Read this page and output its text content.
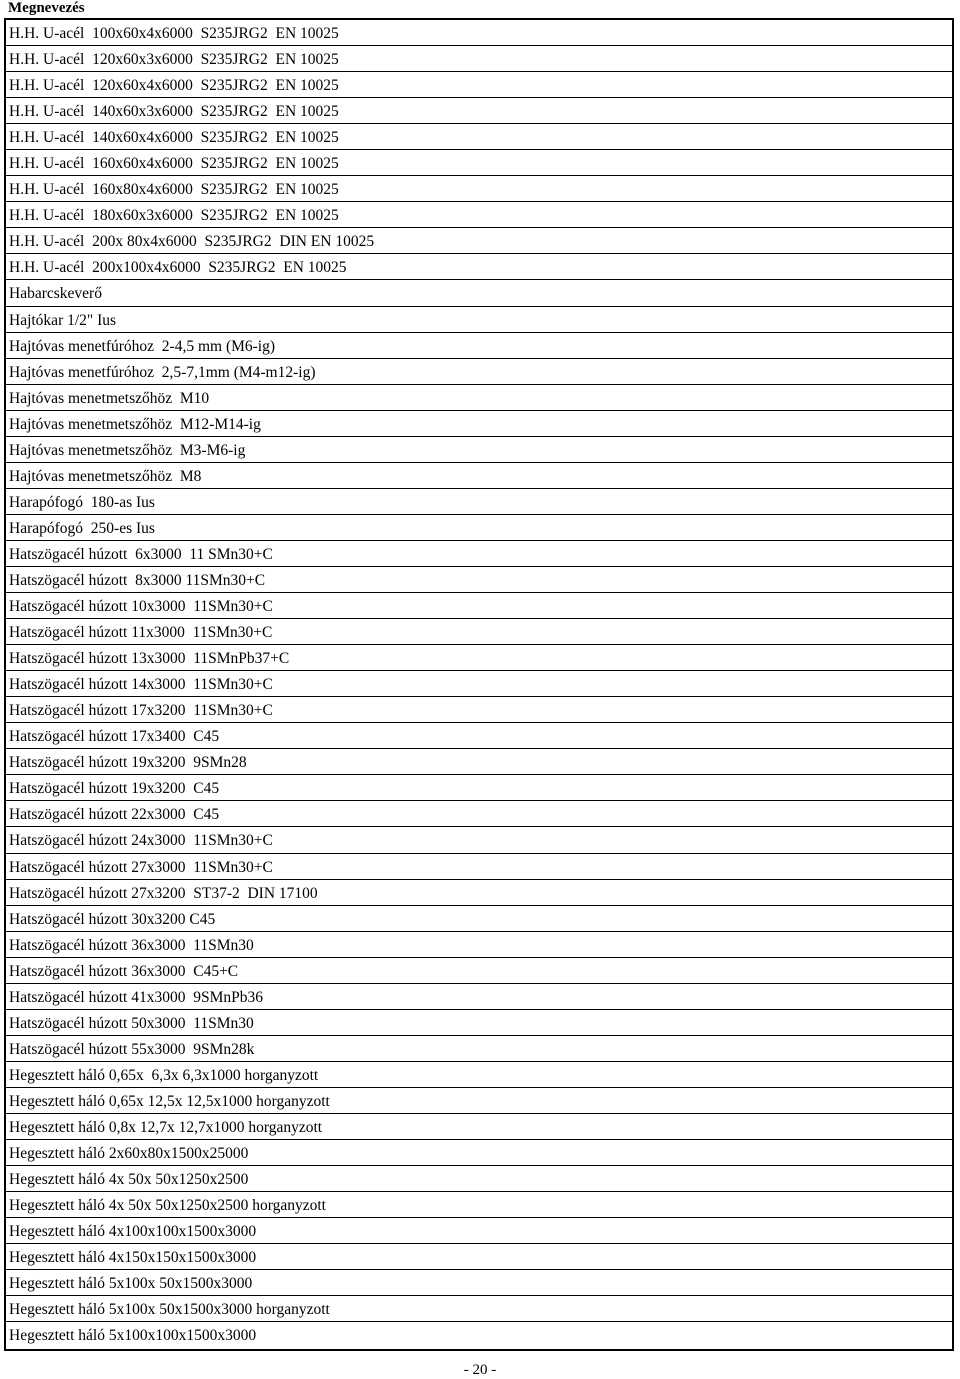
Megnevezés
H.H. U-acél  100x60x4x6000  S235JRG2  EN 10025
H.H. U-acél  120x60x3x6000  S235JRG2  EN 10025
H.H. U-acél  120x60x4x6000  S235JRG2  EN 10025
H.H. U-acél  140x60x3x6000  S235JRG2  EN 10025
H.H. U-acél  140x60x4x6000  S235JRG2  EN 10025
H.H. U-acél  160x60x4x6000  S235JRG2  EN 10025
H.H. U-acél  160x80x4x6000  S235JRG2  EN 10025
H.H. U-acél  180x60x3x6000  S235JRG2  EN 10025
H.H. U-acél  200x 80x4x6000  S235JRG2  DIN EN 10025
H.H. U-acél  200x100x4x6000  S235JRG2  EN 10025
Habarcskeverő
Hajtókar 1/2" Ius
Hajtóvas menetfúróhoz  2-4,5 mm (M6-ig)
Hajtóvas menetfúróhoz  2,5-7,1mm (M4-m12-ig)
Hajtóvas menetmetszőhöz  M10
Hajtóvas menetmetszőhöz  M12-M14-ig
Hajtóvas menetmetszőhöz  M3-M6-ig
Hajtóvas menetmetszőhöz  M8
Harapófogó  180-as Ius
Harapófogó  250-es Ius
Hatszögacél húzott  6x3000  11 SMn30+C
Hatszögacél húzott  8x3000 11SMn30+C
Hatszögacél húzott 10x3000  11SMn30+C
Hatszögacél húzott 11x3000  11SMn30+C
Hatszögacél húzott 13x3000  11SMnPb37+C
Hatszögacél húzott 14x3000  11SMn30+C
Hatszögacél húzott 17x3200  11SMn30+C
Hatszögacél húzott 17x3400  C45
Hatszögacél húzott 19x3200  9SMn28
Hatszögacél húzott 19x3200  C45
Hatszögacél húzott 22x3000  C45
Hatszögacél húzott 24x3000  11SMn30+C
Hatszögacél húzott 27x3000  11SMn30+C
Hatszögacél húzott 27x3200  ST37-2  DIN 17100
Hatszögacél húzott 30x3200 C45
Hatszögacél húzott 36x3000  11SMn30
Hatszögacél húzott 36x3000  C45+C
Hatszögacél húzott 41x3000  9SMnPb36
Hatszögacél húzott 50x3000  11SMn30
Hatszögacél húzott 55x3000  9SMn28k
Hegesztett háló 0,65x  6,3x 6,3x1000 horganyzott
Hegesztett háló 0,65x 12,5x 12,5x1000 horganyzott
Hegesztett háló 0,8x 12,7x 12,7x1000 horganyzott
Hegesztett háló 2x60x80x1500x25000
Hegesztett háló 4x 50x 50x1250x2500
Hegesztett háló 4x 50x 50x1250x2500 horganyzott
Hegesztett háló 4x100x100x1500x3000
Hegesztett háló 4x150x150x1500x3000
Hegesztett háló 5x100x 50x1500x3000
Hegesztett háló 5x100x 50x1500x3000 horganyzott
Hegesztett háló 5x100x100x1500x3000
- 20 -
